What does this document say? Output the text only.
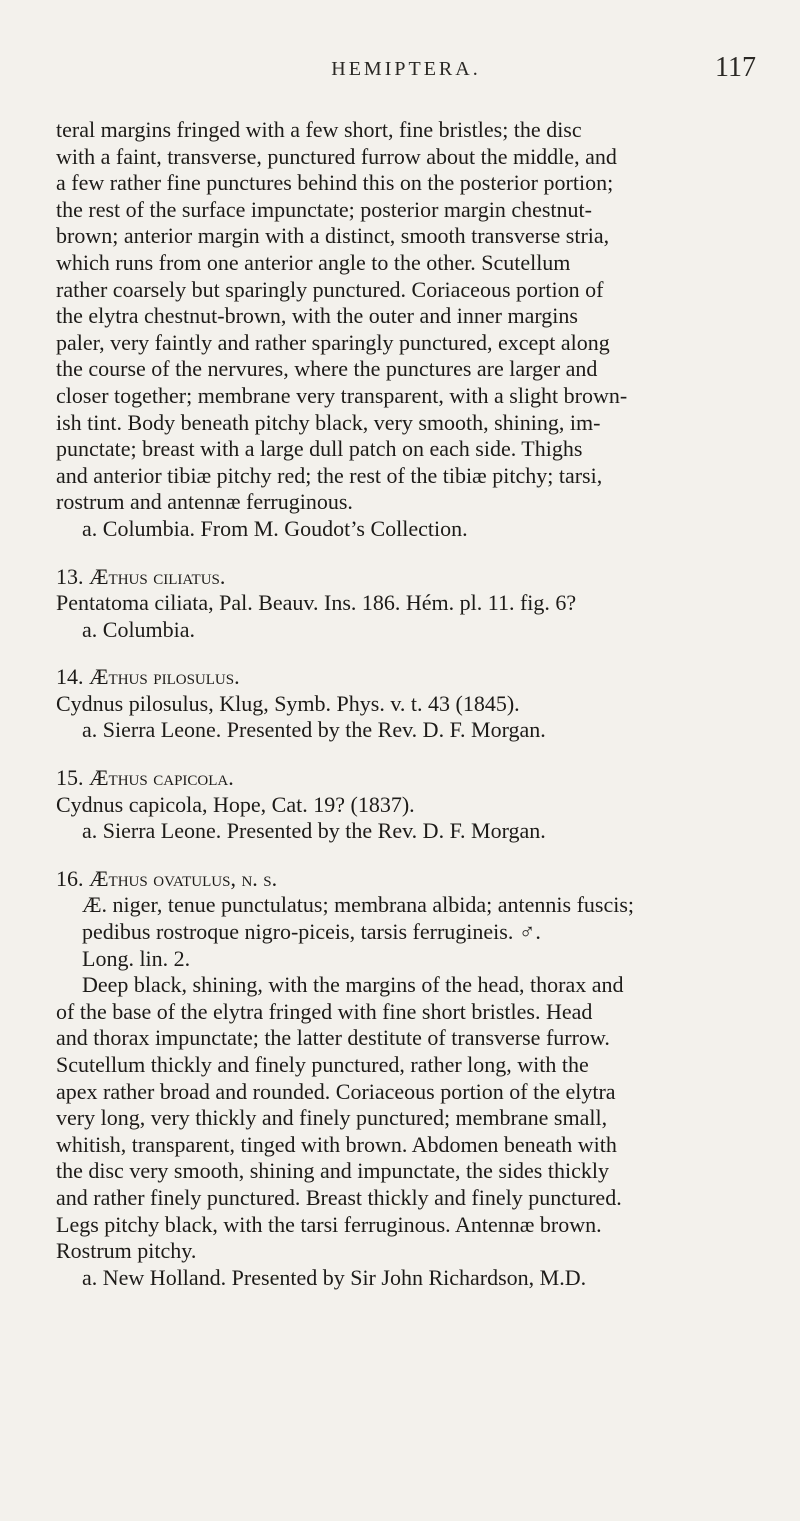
HEMIPTERA.	117
teral margins fringed with a few short, fine bristles; the disc
with a faint, transverse, punctured furrow about the middle, and
a few rather fine punctures behind this on the posterior portion;
the rest of the surface impunctate; posterior margin chestnut-
brown; anterior margin with a distinct, smooth transverse stria,
which runs from one anterior angle to the other. Scutellum
rather coarsely but sparingly punctured. Coriaceous portion of
the elytra chestnut-brown, with the outer and inner margins
paler, very faintly and rather sparingly punctured, except along
the course of the nervures, where the punctures are larger and
closer together; membrane very transparent, with a slight brown-
ish tint. Body beneath pitchy black, very smooth, shining, im-
punctate; breast with a large dull patch on each side. Thighs
and anterior tibiæ pitchy red; the rest of the tibiæ pitchy; tarsi,
rostrum and antennæ ferruginous.
a. Columbia. From M. Goudot’s Collection.
13. Æthus ciliatus.
Pentatoma ciliata, Pal. Beauv. Ins. 186. Hém. pl. 11. fig. 6?
a. Columbia.
14. Æthus pilosulus.
Cydnus pilosulus, Klug, Symb. Phys. v. t. 43 (1845).
a. Sierra Leone. Presented by the Rev. D. F. Morgan.
15. Æthus capicola.
Cydnus capicola, Hope, Cat. 19? (1837).
a. Sierra Leone. Presented by the Rev. D. F. Morgan.
16. Æthus ovatulus, n. s.
Æ. niger, tenue punctulatus; membrana albida; antennis fuscis;
pedibus rostroque nigro-piceis, tarsis ferrugineis. ♂.
Long. lin. 2.
Deep black, shining, with the margins of the head, thorax and
of the base of the elytra fringed with fine short bristles. Head
and thorax impunctate; the latter destitute of transverse furrow.
Scutellum thickly and finely punctured, rather long, with the
apex rather broad and rounded. Coriaceous portion of the elytra
very long, very thickly and finely punctured; membrane small,
whitish, transparent, tinged with brown. Abdomen beneath with
the disc very smooth, shining and impunctate, the sides thickly
and rather finely punctured. Breast thickly and finely punctured.
Legs pitchy black, with the tarsi ferruginous. Antennæ brown.
Rostrum pitchy.
a. New Holland. Presented by Sir John Richardson, M.D.
